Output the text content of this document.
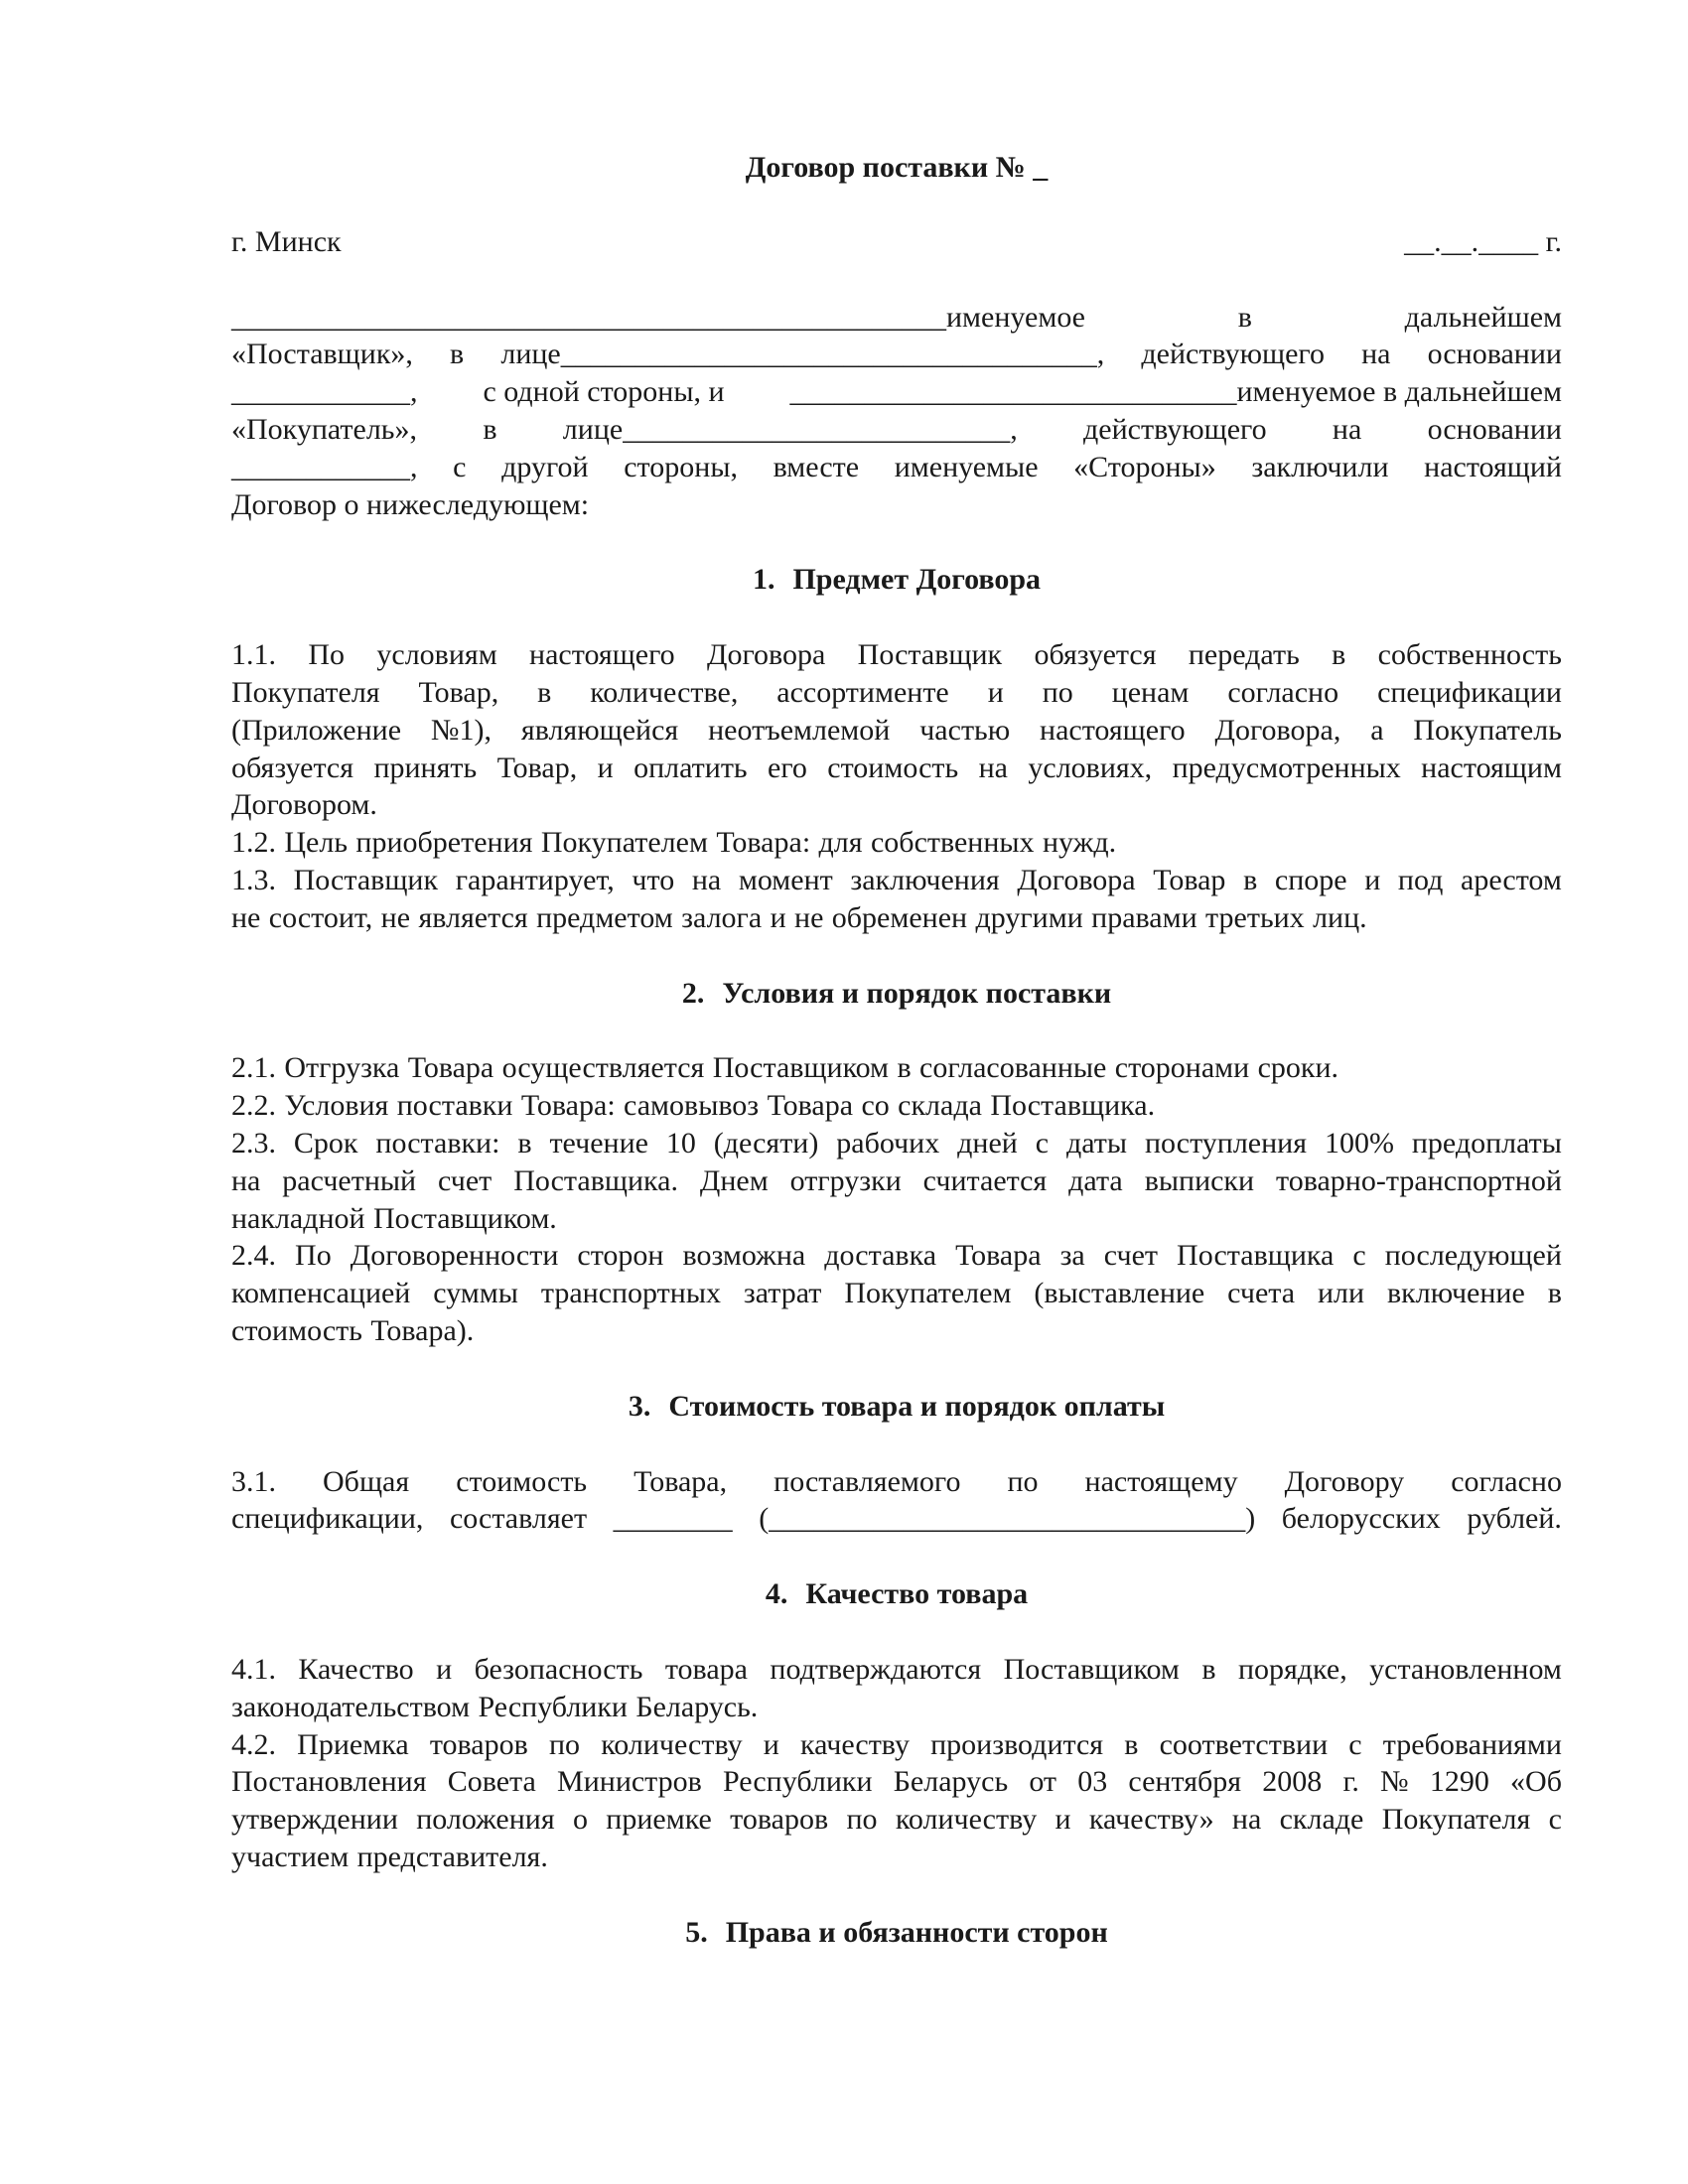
Договор поставки № _
г. Минск	__.__.____ г.
________________________________________________именуемое	в	дальнейшем
«Поставщик», в лице____________________________________, действующего на основании
____________, с одной стороны, и ______________________________именуемое в дальнейшем
«Покупатель», в лице__________________________, действующего на основании
____________, с другой стороны, вместе именуемые «Стороны» заключили настоящий
Договор о нижеследующем:
1. Предмет Договора
1.1. По условиям настоящего Договора Поставщик обязуется передать в собственность
Покупателя Товар, в количестве, ассортименте и по ценам согласно спецификации
(Приложение №1), являющейся неотъемлемой частью настоящего Договора, а Покупатель
обязуется принять Товар, и оплатить его стоимость на условиях, предусмотренных настоящим
Договором.
1.2. Цель приобретения Покупателем Товара: для собственных нужд.
1.3. Поставщик гарантирует, что на момент заключения Договора Товар в споре и под арестом
не состоит, не является предметом залога и не обременен другими правами третьих лиц.
2. Условия и порядок поставки
2.1. Отгрузка Товара осуществляется Поставщиком в согласованные сторонами сроки.
2.2. Условия поставки Товара: самовывоз Товара со склада Поставщика.
2.3. Срок поставки: в течение 10 (десяти) рабочих дней с даты поступления 100% предоплаты
на расчетный счет Поставщика. Днем отгрузки считается дата выписки товарно-транспортной
накладной Поставщиком.
2.4. По Договоренности сторон возможна доставка Товара за счет Поставщика с последующей
компенсацией суммы транспортных затрат Покупателем (выставление счета или включение в
стоимость Товара).
3. Стоимость товара и порядок оплаты
3.1. Общая стоимость Товара, поставляемого по настоящему Договору согласно
спецификации, составляет ________ (________________________________) белорусских рублей.
4. Качество товара
4.1. Качество и безопасность товара подтверждаются Поставщиком в порядке, установленном
законодательством Республики Беларусь.
4.2. Приемка товаров по количеству и качеству производится в соответствии с требованиями
Постановления Совета Министров Республики Беларусь от 03 сентября 2008 г. № 1290 «Об
утверждении положения о приемке товаров по количеству и качеству» на складе Покупателя с
участием представителя.
5. Права и обязанности сторон
